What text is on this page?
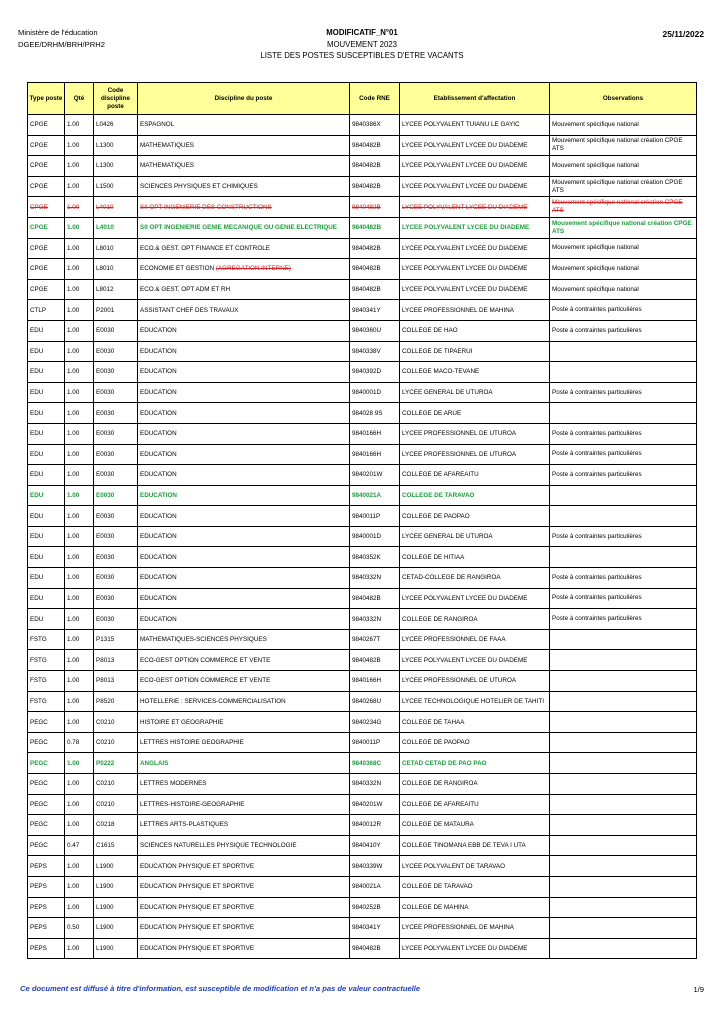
Ministère de l'éducation
DGEE/DRHM/BRH/PRH2
MODIFICATIF_N°01
MOUVEMENT 2023
LISTE DES POSTES SUSCEPTIBLES D'ETRE VACANTS
25/11/2022
Type poste	Qté	Code discipline poste	Discipline du poste	Code RNE	Etablissement d'affectation	Observations
CPGE	1.00	L0426	ESPAGNOL	9840386X	LYCEE POLYVALENT TUIANU LE GAYIC	Mouvement spécifique national
CPGE	1.00	L1300	MATHEMATIQUES	9840482B	LYCEE POLYVALENT LYCEE DU DIADEME	Mouvement spécifique national création CPGE ATS
CPGE	1.00	L1300	MATHEMATIQUES	9840482B	LYCEE POLYVALENT LYCEE DU DIADEME	Mouvement spécifique national
CPGE	1.00	L1500	SCIENCES PHYSIQUES ET CHIMIQUES	9840482B	LYCEE POLYVALENT LYCEE DU DIADEME	Mouvement spécifique national création CPGE ATS
CPGE	1.00	L4010	SII OPT INGENIERIE DES CONSTRUCTIONS	9840482B	LYCEE POLYVALENT LYCEE DU DIADEME	Mouvement spécifique national création CPGE ATS
CPGE	1.00	L4010	SII OPT INGENIERIE GENIE MECANIQUE OU GENIE ELECTRIQUE	9840482B	LYCEE POLYVALENT LYCEE DU DIADEME	Mouvement spécifique national création CPGE ATS
CPGE	1.00	L8010	ECO.& GEST. OPT FINANCE ET CONTROLE	9840482B	LYCEE POLYVALENT LYCEE DU DIADEME	Mouvement spécifique national
CPGE	1.00	L8010	ECONOMIE ET GESTION (AGREGATION INTERNE)	9840482B	LYCEE POLYVALENT LYCEE DU DIADEME	Mouvement spécifique national
CPGE	1.00	L8012	ECO.& GEST. OPT ADM ET RH	9840482B	LYCEE POLYVALENT LYCEE DU DIADEME	Mouvement spécifique national
CTLP	1.00	P2001	ASSISTANT CHEF DES TRAVAUX	9840341Y	LYCEE PROFESSIONNEL DE MAHINA	Poste à contraintes particulières
EDU	1.00	E0030	EDUCATION	9840360U	COLLEGE DE HAO	Poste à contraintes particulières
EDU	1.00	E0030	EDUCATION	9840338V	COLLEGE DE TIPAERUI	
EDU	1.00	E0030	EDUCATION	9840392D	COLLEGE MACO-TEVANE	
EDU	1.00	E0030	EDUCATION	9840001D	LYCEE GENERAL DE UTUROA	Poste à contraintes particulières
EDU	1.00	E0030	EDUCATION	984028 9S	COLLEGE DE ARUE	
EDU	1.00	E0030	EDUCATION	9840166H	LYCEE PROFESSIONNEL DE UTUROA	Poste à contraintes particulières
EDU	1.00	E0030	EDUCATION	9840166H	LYCEE PROFESSIONNEL DE UTUROA	Poste à contraintes particulières
EDU	1.00	E0030	EDUCATION	9840201W	COLLEGE DE AFAREAITU	Poste à contraintes particulières
EDU	1.00	E0030	EDUCATION	9840021A	COLLEGE DE TARAVAO	
EDU	1.00	E0030	EDUCATION	9840011P	COLLEGE DE PAOPAO	
EDU	1.00	E0030	EDUCATION	9840001D	LYCEE GENERAL DE UTUROA	Poste à contraintes particulières
EDU	1.00	E0030	EDUCATION	9840352K	COLLEGE DE HITIAA	
EDU	1.00	E0030	EDUCATION	9840332N	CETAD-COLLEGE DE RANGIROA	Poste à contraintes particulières
EDU	1.00	E0030	EDUCATION	9840482B	LYCEE POLYVALENT LYCEE DU DIADEME	Poste à contraintes particulières
EDU	1.00	E0030	EDUCATION	9840332N	COLLEGE DE RANGIROA	Poste à contraintes particulières
FSTG	1.00	P1315	MATHEMATIQUES-SCIENCES PHYSIQUES	9840267T	LYCEE PROFESSIONNEL DE FAAA	
FSTG	1.00	P8013	ECO-GEST OPTION COMMERCE ET VENTE	9840482B	LYCEE POLYVALENT LYCEE DU DIADEME	
FSTG	1.00	P8013	ECO-GEST OPTION COMMERCE ET VENTE	9840166H	LYCEE PROFESSIONNEL DE UTUROA	
FSTG	1.00	P8520	HOTELLERIE : SERVICES-COMMERCIALISATION	9840268U	LYCEE TECHNOLOGIQUE HOTELIER DE TAHITI	
PEGC	1.00	C0210	HISTOIRE ET GEOGRAPHIE	9840234G	COLLEGE DE TAHAA	
PEGC	0.78	C0210	LETTRES HISTOIRE GEOGRAPHIE	9840011P	COLLEGE DE PAOPAO	
PEGC	1.00	P0222	ANGLAIS	9840368C	CETAD CETAD DE PAO PAO	
PEGC	1.00	C0210	LETTRES MODERNES	9840332N	COLLEGE DE RANGIROA	
PEGC	1.00	C0210	LETTRES-HISTOIRE-GEOGRAPHIE	9840201W	COLLEGE DE AFAREAITU	
PEGC	1.00	C0218	LETTRES ARTS-PLASTIQUES	9840012R	COLLEGE DE MATAURA	
PEGC	0.47	C1615	SCIENCES NATURELLES PHYSIQUE TECHNOLOGIE	9840410Y	COLLEGE TINOMANA EBB DE TEVA I UTA	
PEPS	1.00	L1900	EDUCATION PHYSIQUE ET SPORTIVE	9840339W	LYCEE POLYVALENT DE TARAVAO	
PEPS	1.00	L1900	EDUCATION PHYSIQUE ET SPORTIVE	9840021A	COLLEGE DE TARAVAO	
PEPS	1.00	L1900	EDUCATION PHYSIQUE ET SPORTIVE	9840252B	COLLEGE DE MAHINA	
PEPS	0.50	L1900	EDUCATION PHYSIQUE ET SPORTIVE	9840341Y	LYCEE PROFESSIONNEL DE MAHINA	
PEPS	1.00	L1900	EDUCATION PHYSIQUE ET SPORTIVE	9840482B	LYCEE POLYVALENT LYCEE DU DIADEME	
Ce document est diffusé à titre d'information, est susceptible de modification et n'a pas de valeur contractuelle	1/9
